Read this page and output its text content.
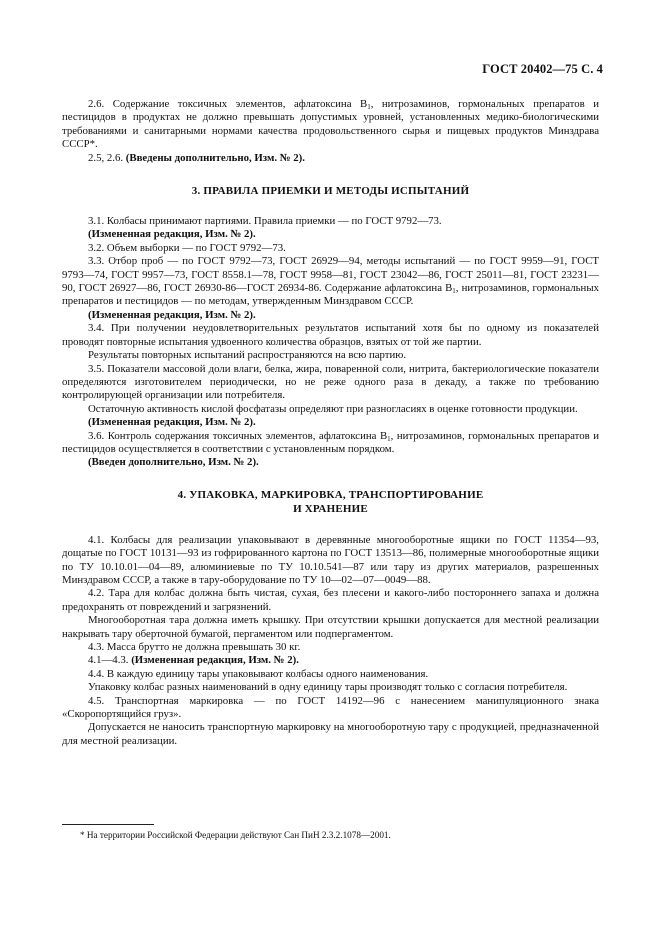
ГОСТ 20402—75 С. 4

2.6. Содержание токсичных элементов, афлатоксина $B_1$, нитрозаминов, гормональных препаратов и пестицидов в продуктах не должно превышать допустимых уровней, установленных медико-биологическими требованиями и санитарными нормами качества продовольственного сырья и пищевых продуктов Минздрава СССР*.

2.5, 2.6. (Введены дополнительно, Изм. № 2).

3. ПРАВИЛА ПРИЕМКИ И МЕТОДЫ ИСПЫТАНИЙ

3.1. Колбасы принимают партиями. Правила приемки — по ГОСТ 9792—73.

(Измененная редакция, Изм. № 2).

3.2. Объем выборки — по ГОСТ 9792—73.

3.3. Отбор проб — по ГОСТ 9792—73, ГОСТ 26929—94, методы испытаний — по ГОСТ 9959—91, ГОСТ 9793—74, ГОСТ 9957—73, ГОСТ 8558.1—78, ГОСТ 9958—81, ГОСТ 23042—86, ГОСТ 25011—81, ГОСТ 23231—90, ГОСТ 26927—86, ГОСТ 26930-86—ГОСТ 26934-86. Содержание афлатоксина $B_1$, нитрозаминов, гормональных препаратов и пестицидов — по методам, утвержденным Минздравом СССР.

(Измененная редакция, Изм. № 2).

3.4. При получении неудовлетворительных результатов испытаний хотя бы по одному из показателей проводят повторные испытания удвоенного количества образцов, взятых от той же партии.

Результаты повторных испытаний распространяются на всю партию.

3.5. Показатели массовой доли влаги, белка, жира, поваренной соли, нитрита, бактериологические показатели определяются изготовителем периодически, но не реже одного раза в декаду, а также по требованию контролирующей организации или потребителя.

Остаточную активность кислой фосфатазы определяют при разногласиях в оценке готовности продукции.

(Измененная редакция, Изм. № 2).

3.6. Контроль содержания токсичных элементов, афлатоксина $B_1$, нитрозаминов, гормональных препаратов и пестицидов осуществляется в соответствии с установленным порядком.

(Введен дополнительно, Изм. № 2).

4. УПАКОВКА, МАРКИРОВКА, ТРАНСПОРТИРОВАНИЕ
И ХРАНЕНИЕ

4.1. Колбасы для реализации упаковывают в деревянные многооборотные ящики по ГОСТ 11354—93, дощатые по ГОСТ 10131—93 из гофрированного картона по ГОСТ 13513—86, полимерные многооборотные ящики по ТУ 10.10.01—04—89, алюминиевые по ТУ 10.10.541—87 или тару из других материалов, разрешенных Минздравом СССР, а также в тару-оборудование по ТУ 10—02—07—0049—88.

4.2. Тара для колбас должна быть чистая, сухая, без плесени и какого-либо постороннего запаха и должна предохранять от повреждений и загрязнений.

Многооборотная тара должна иметь крышку. При отсутствии крышки допускается для местной реализации накрывать тару оберточной бумагой, пергаментом или подпергаментом.

4.3. Масса брутто не должна превышать 30 кг.

4.1—4.3. (Измененная редакция, Изм. № 2).

4.4. В каждую единицу тары упаковывают колбасы одного наименования.

Упаковку колбас разных наименований в одну единицу тары производят только с согласия потребителя.

4.5. Транспортная маркировка — по ГОСТ 14192—96 с нанесением манипуляционного знака «Скоропортящийся груз».

Допускается не наносить транспортную маркировку на многооборотную тару с продукцией, предназначенной для местной реализации.

* На территории Российской Федерации действуют Сан ПиН 2.3.2.1078—2001.
